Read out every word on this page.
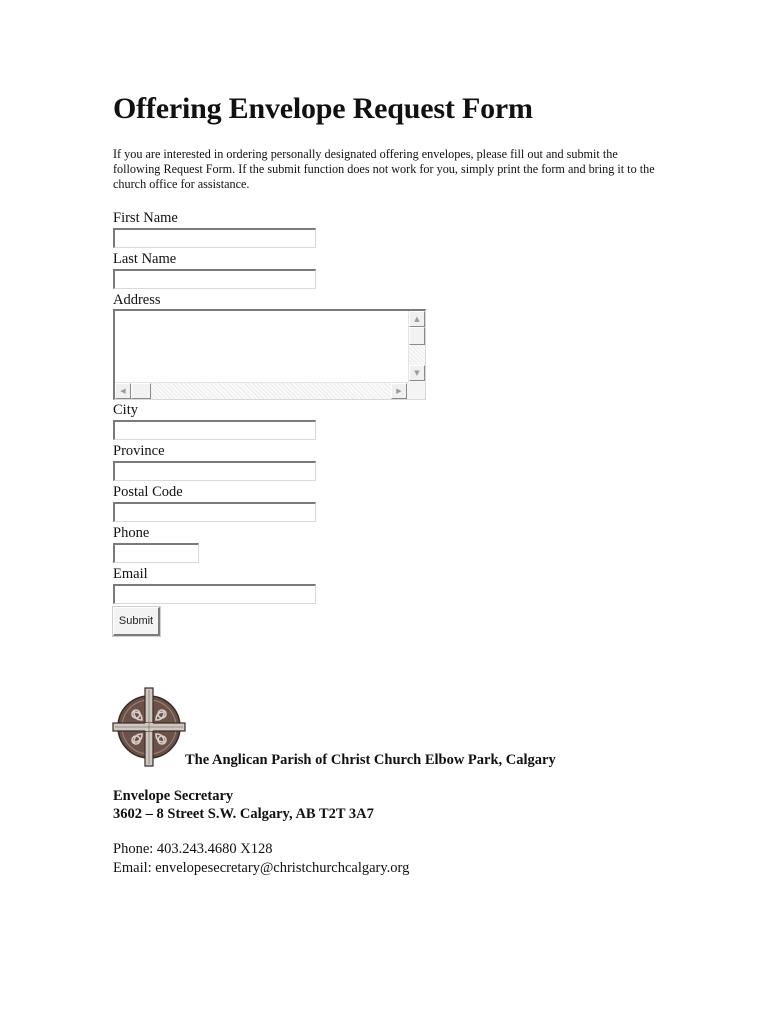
Offering Envelope Request Form
If you are interested in ordering personally designated offering envelopes, please fill out and submit the following Request Form. If the submit function does not work for you, simply print the form and bring it to the church office for assistance.
First Name
Last Name
Address
▲
▼
◀	▶
City
Province
Postal Code
Phone
Email
Submit
The Anglican Parish of Christ Church Elbow Park, Calgary
Envelope Secretary
3602 – 8 Street S.W. Calgary, AB T2T 3A7
Phone: 403.243.4680 X128
Email: envelopesecretary@christchurchcalgary.org
